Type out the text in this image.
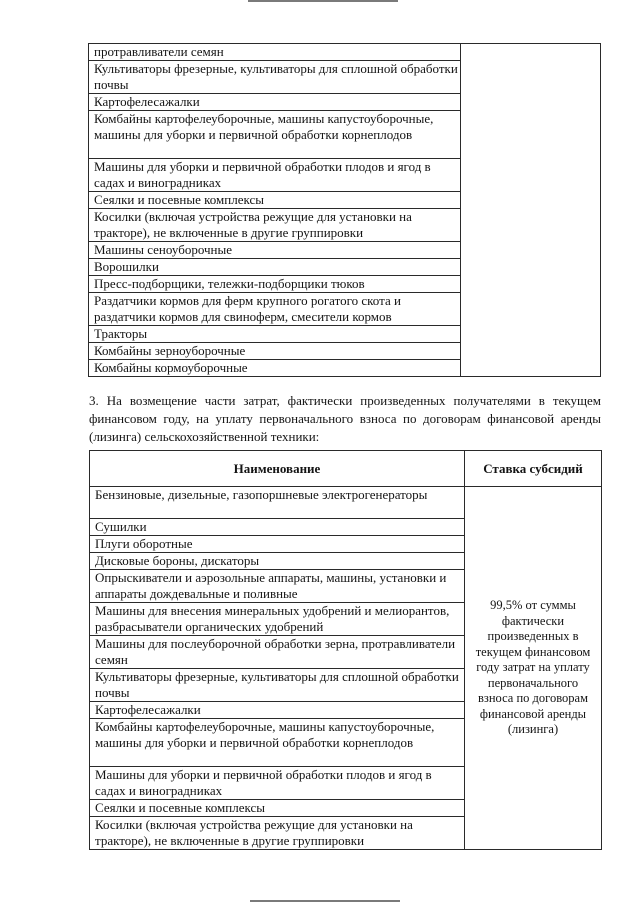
протравливатели семян	
Культиваторы фрезерные, культиваторы для сплошной обработки почвы
Картофелесажалки
Комбайны картофелеуборочные, машины капустоуборочные, машины для уборки и первичной обработки корнеплодов
Машины для уборки и первичной обработки плодов и ягод в садах и виноградниках
Сеялки и посевные комплексы
Косилки (включая устройства режущие для установки на тракторе), не включенные в другие группировки
Машины сеноуборочные
Ворошилки
Пресс-подборщики, тележки-подборщики тюков
Раздатчики кормов для ферм крупного рогатого скота и раздатчики кормов для свиноферм, смесители кормов
Тракторы
Комбайны зерноуборочные
Комбайны кормоуборочные

3. На возмещение части затрат, фактически произведенных получателями в текущем финансовом году, на уплату первоначального взноса по договорам финансовой аренды (лизинга) сельскохозяйственной техники:

Наименование	Ставка субсидий
Бензиновые, дизельные, газопоршневые электрогенераторы	99,5% от суммы фактически произведенных в текущем финансовом году затрат на уплату первоначального взноса по договорам финансовой аренды (лизинга)
Сушилки	
Плуги оборотные	
Дисковые бороны, дискаторы	
Опрыскиватели и аэрозольные аппараты, машины, установки и аппараты дождевальные и поливные	
Машины для внесения минеральных удобрений и мелиорантов, разбрасыватели органических удобрений	
Машины для послеуборочной обработки зерна, протравливатели семян	
Культиваторы фрезерные, культиваторы для сплошной обработки почвы	
Картофелесажалки	
Комбайны картофелеуборочные, машины капустоуборочные, машины для уборки и первичной обработки корнеплодов	
Машины для уборки и первичной обработки плодов и ягод в садах и виноградниках	
Сеялки и посевные комплексы	
Косилки (включая устройства режущие для установки на тракторе), не включенные в другие группировки	
